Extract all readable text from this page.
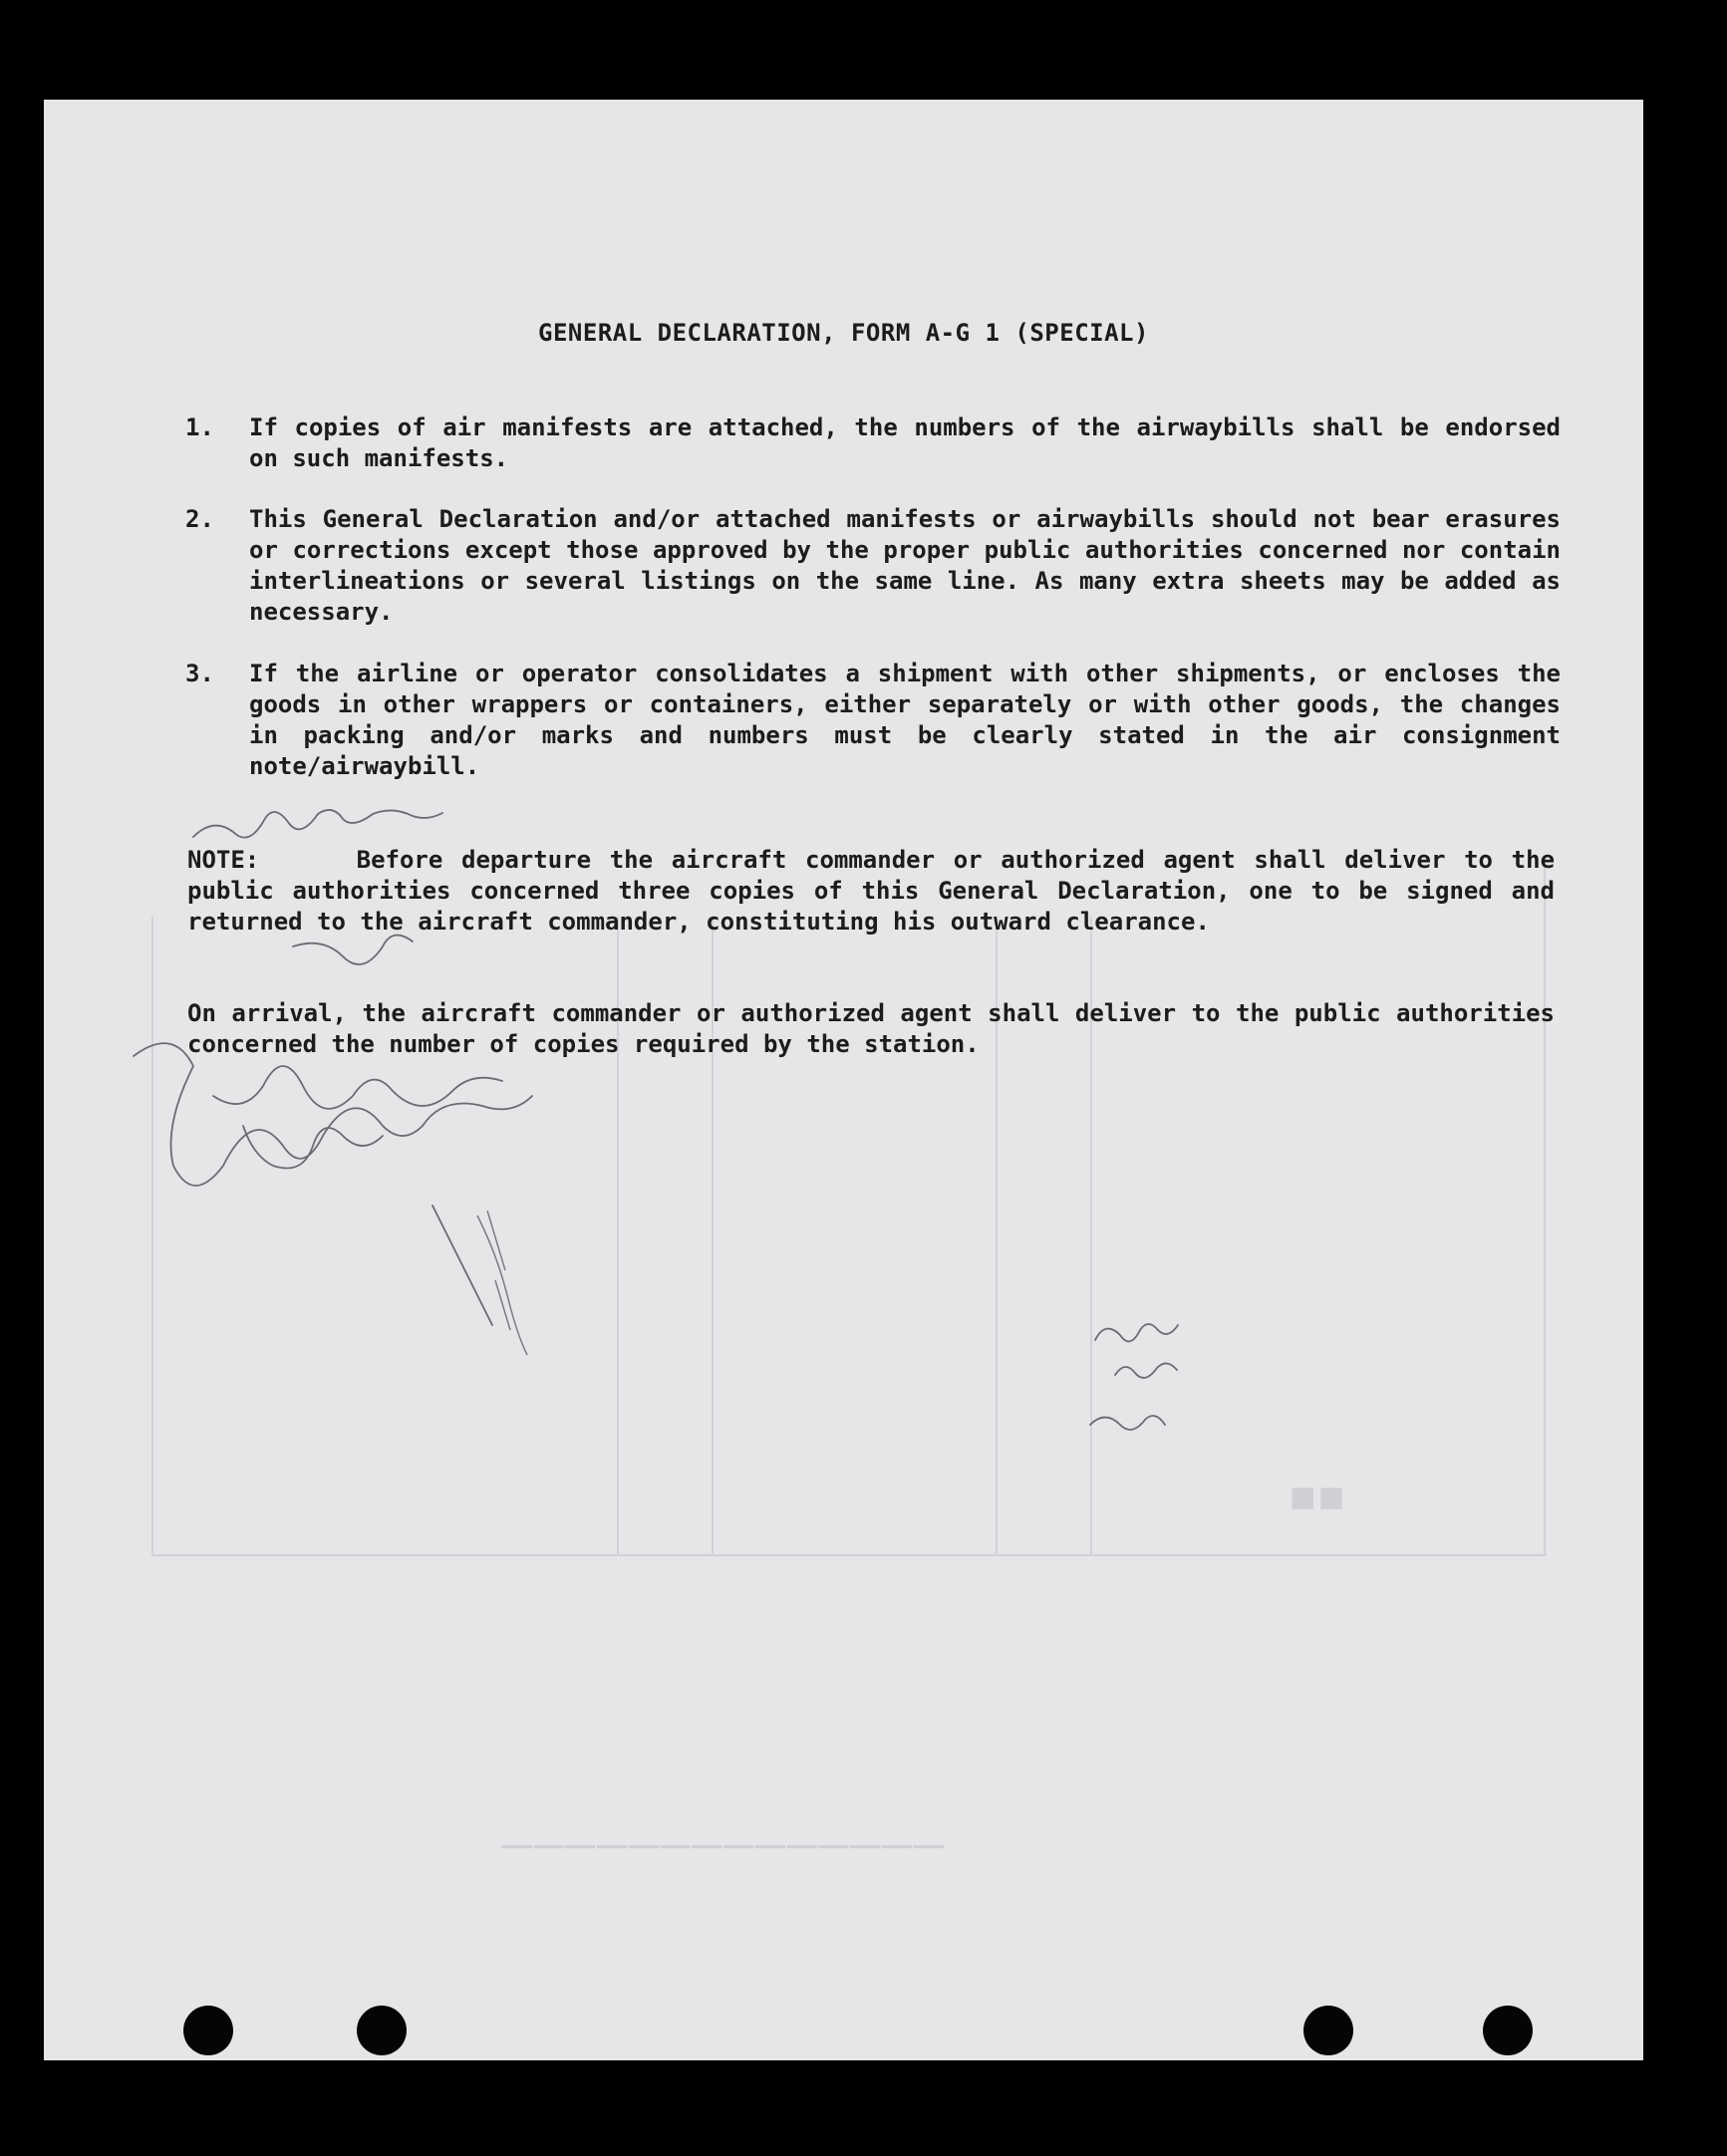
──────────────
■■
GENERAL DECLARATION, FORM A-G 1 (SPECIAL)
1. If copies of air manifests are attached, the numbers of the airwaybills shall be endorsed on such manifests.
2. This General Declaration and/or attached manifests or airwaybills should not bear erasures or corrections except those approved by the proper public authorities concerned nor contain interlineations or several listings on the same line. As many extra sheets may be added as necessary.
3. If the airline or operator consolidates a shipment with other shipments, or encloses the goods in other wrappers or containers, either separately or with other goods, the changes in packing and/or marks and numbers must be clearly stated in the air consignment note/airwaybill.
NOTE:	Before departure the aircraft commander or authorized agent shall deliver to the public authorities concerned three copies of this General Declaration, one to be signed and returned to the aircraft commander, constituting his outward clearance.
On arrival, the aircraft commander or authorized agent shall deliver to the public authorities concerned the number of copies required by the station.
